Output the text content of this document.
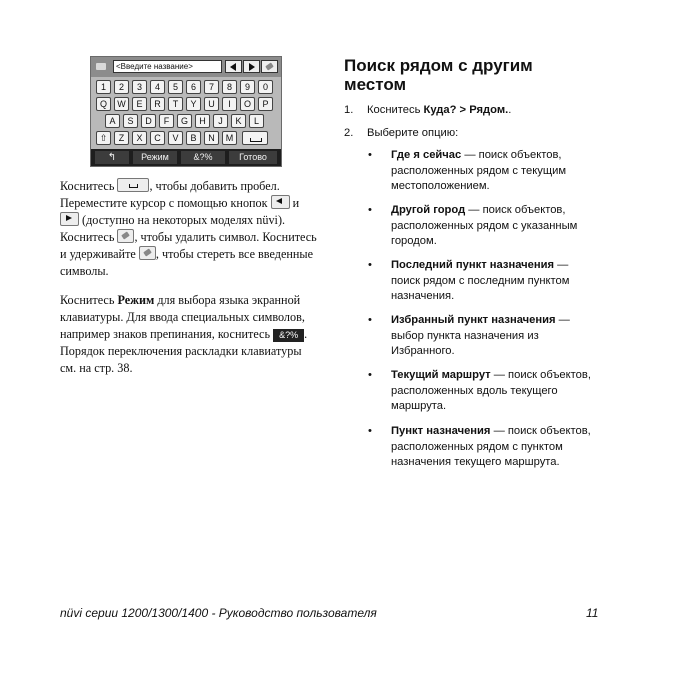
<Введите название>
1	2	3	4	5	6	7	8	9	0
Q	W	E	R	T	Y	U	I	O	P
A	S	D	F	G	H	J	K	L
⇧	Z	X	C	V	B	N	M
↰	Режим	&?%	Готово
Коснитесь	, чтобы добавить пробел. Переместите курсор с помощью кнопок и
(доступно на некоторых моделях nüvi). Коснитесь , чтобы удалить символ. Коснитесь и удерживайте , чтобы стереть все введенные символы.
Коснитесь Режим для выбора языка экранной клавиатуры. Для ввода специальных символов, например знаков препинания, коснитесь &?% . Порядок переключения раскладки клавиатуры см. на стр. 38.
Поиск рядом с другим
местом
1. Коснитесь Куда? > Рядом..
2. Выберите опцию:
• Где я сейчас — поиск объектов, расположенных рядом с текущим местоположением.
• Другой город — поиск объектов, расположенных рядом с указанным городом.
• Последний пункт назначения — поиск рядом с последним пунктом назначения.
• Избранный пункт назначения — выбор пункта назначения из Избранного.
• Текущий маршрут — поиск объектов, расположенных вдоль текущего маршрута.
• Пункт назначения — поиск объектов, расположенных рядом с пунктом назначения текущего маршрута.
nüvi серии 1200/1300/1400 - Руководство пользователя	11
